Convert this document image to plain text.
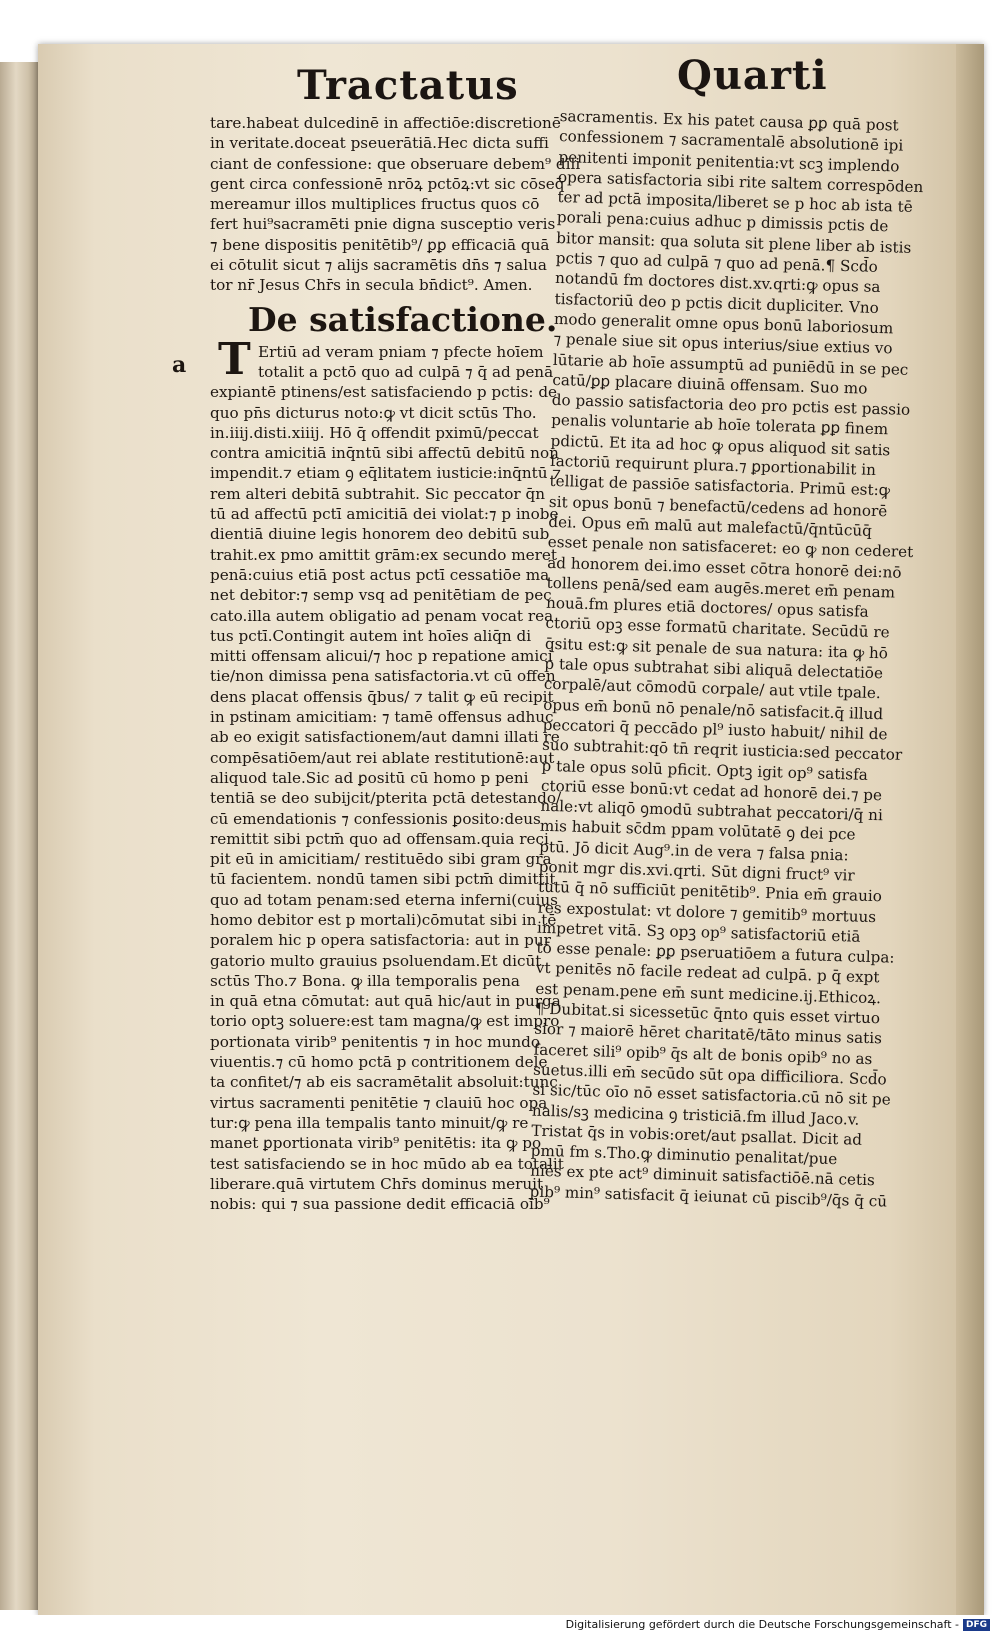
Tractatus	Quarti
a
tare.habeat dulcedinē in affectiōe:discretionē
in veritate.doceat pseuerātiā.Hec dicta suffi
ciant de confessione: que obseruare debem⁹ dili
gent circa confessionē nrōꝝ pctōꝝ:vt sic cōseq̄
mereamur illos multiplices fructus quos cō
fert hui⁹sacramēti pnie digna susceptio veris
⁊ bene dispositis penitētib⁹/ ꝑꝑ efficaciā quā
ei cōtulit sicut ⁊ alijs sacramētis dn̄s ⁊ salua
tor nr̄ Jesus Chr̄s in secula bn̄dict⁹. Amen.
De satisfactione.
T Ertiū ad veram pniam ⁊ pfecte hoīem
totalit a pctō quo ad culpā ⁊ q̄ ad penā
expiantē ptinens/est satisfaciendo p pctis: de
quo pn̄s dicturus noto:ꝙ vt dicit sctūs Tho.
in.iiij.disti.xiiij. Hō q̄ offendit pximū/peccat
contra amicitiā inq̄ntū sibi affectū debitū non
impendit.⁊ etiam ꝯ eq̄litatem iusticie:inq̄ntū ⁊
rem alteri debitā subtrahit. Sic peccator q̄n
tū ad affectū pctī amicitiā dei violat:⁊ p inobe
dientiā diuine legis honorem deo debitū sub
trahit.ex pmo amittit grām:ex secundo meret
penā:cuius etiā post actus pctī cessatiōe ma
net debitor:⁊ semp vsq ad penitētiam de pec
cato.illa autem obligatio ad penam vocat rea
tus pctī.Contingit autem int hoīes aliq̄n di
mitti offensam alicui/⁊ hoc p repatione amici
tie/non dimissa pena satisfactoria.vt cū offen
dens placat offensis q̄bus/ ⁊ talit ꝙ eū recipit
in pstinam amicitiam: ⁊ tamē offensus adhuc
ab eo exigit satisfactionem/aut damni illati re
compēsatiōem/aut rei ablate restitutionē:aut
aliquod tale.Sic ad ꝑositū cū homo p peni
tentiā se deo subijcit/pterita pctā detestando/
cū emendationis ⁊ confessionis ꝑosito:deus
remittit sibi pctm̄ quo ad offensam.quia reci
pit eū in amicitiam/ restituēdo sibi gram gra
tū facientem. nondū tamen sibi pctm̄ dimittit
quo ad totam penam:sed eterna inferni(cuius
homo debitor est p mortali)cōmutat sibi in tē
poralem hic p opera satisfactoria: aut in pur
gatorio multo grauius psoluendam.Et dicūt
sctūs Tho.⁊ Bona. ꝙ illa temporalis pena
in quā etna cōmutat: aut quā hic/aut in purga
torio optꝫ soluere:est tam magna/ꝙ est impro
portionata virib⁹ penitentis ⁊ in hoc mundo
viuentis.⁊ cū homo pctā p contritionem dele
ta confitet/⁊ ab eis sacramētalit absoluit:tunc
virtus sacramenti penitētie ⁊ clauiū hoc opa
tur:ꝙ pena illa tempalis tanto minuit/ꝙ re
manet ꝑportionata virib⁹ penitētis: ita ꝙ po
test satisfaciendo se in hoc mūdo ab ea totalit
liberare.quā virtutem Chr̄s dominus meruit
nobis: qui ⁊ sua passione dedit efficaciā oīb⁹
sacramentis. Ex his patet causa ꝑꝑ quā post
confessionem ⁊ sacramentalē absolutionē ipi
penitenti imponit penitentia:vt scꝫ implendo
opera satisfactoria sibi rite saltem correspōden
ter ad pctā imposita/liberet se p hoc ab ista tē
porali pena:cuius adhuc p dimissis pctis de
bitor mansit: qua soluta sit plene liber ab istis
pctis ⁊ quo ad culpā ⁊ quo ad penā.¶ Scd̄o
notandū fm doctores dist.xv.qrti:ꝙ opus sa
tisfactoriū deo p pctis dicit dupliciter. Vno
modo generalit omne opus bonū laboriosum
⁊ penale siue sit opus interius/siue extius vo
lūtarie ab hoīe assumptū ad puniēdū in se pec
catū/ꝑꝑ placare diuinā offensam. Suo mo
do passio satisfactoria deo pro pctis est passio
penalis voluntarie ab hoīe tolerata ꝑꝑ finem
pdictū. Et ita ad hoc ꝙ opus aliquod sit satis
factoriū requirunt plura.⁊ ꝑportionabilit in
telligat de passiōe satisfactoria. Primū est:ꝙ
sit opus bonū ⁊ benefactū/cedens ad honorē
dei. Opus em̄ malū aut malefactū/q̄ntūcūq̄
esset penale non satisfaceret: eo ꝙ non cederet
ad honorem dei.imo esset cōtra honorē dei:nō
tollens penā/sed eam augēs.meret em̄ penam
nouā.fm plures etiā doctores/ opus satisfa
ctoriū opꝫ esse formatū charitate. Secūdū re
q̄situ est:ꝙ sit penale de sua natura: ita ꝙ hō
p tale opus subtrahat sibi aliquā delectatiōe
corpalē/aut cōmodū corpale/ aut vtile tpale.
opus em̄ bonū nō penale/nō satisfacit.q̄ illud
peccatori q̄ peccādo pl⁹ iusto habuit/ nihil de
suo subtrahit:qō tn̄ reqrit iusticia:sed peccator
p tale opus solū pficit. Optꝫ igit op⁹ satisfa
ctoriū esse bonū:vt cedat ad honorē dei.⁊ pe
nale:vt aliqō ꝯmodū subtrahat peccatori/q̄ ni
mis habuit sc̄dm ppam volūtatē ꝯ dei pce
ptū. Jō dicit Aug⁹.in de vera ⁊ falsa pnia:
ponit mgr dis.xvi.qrti. Sūt digni fruct⁹ vir
tutū q̄ nō sufficiūt penitētib⁹. Pnia em̄ grauio
res expostulat: vt dolore ⁊ gemitib⁹ mortuus
impetret vitā. Sꝫ opꝫ op⁹ satisfactoriū etiā
tō esse penale: ꝑꝑ pseruatiōem a futura culpa:
vt penitēs nō facile redeat ad culpā. p q̄ expt
est penam.pene em̄ sunt medicine.ij.Ethicoꝝ.
¶ Dubitat.si sicessetūc q̄nto quis esset virtuo
sior ⁊ maiorē hēret charitatē/tāto minus satis
faceret sili⁹ opib⁹ q̄s alt de bonis opib⁹ no as
suetus.illi em̄ secūdo sūt opa difficiliora. Scd̄o
si sic/tūc oīo nō esset satisfactoria.cū nō sit pe
nalis/sꝫ medicina ꝯ tristiciā.fm illud Jaco.v.
Tristat q̄s in vobis:oret/aut psallat. Dicit ad
pmū fm s.Tho.ꝙ diminutio penalitat/pue
niēs ex pte act⁹ diminuit satisfactiōē.nā cetis
pib⁹ min⁹ satisfacit q̄ ieiunat cū piscib⁹/q̄s q̄ cū
Digitalisierung gefördert durch die Deutsche Forschungsgemeinschaft - DFG
